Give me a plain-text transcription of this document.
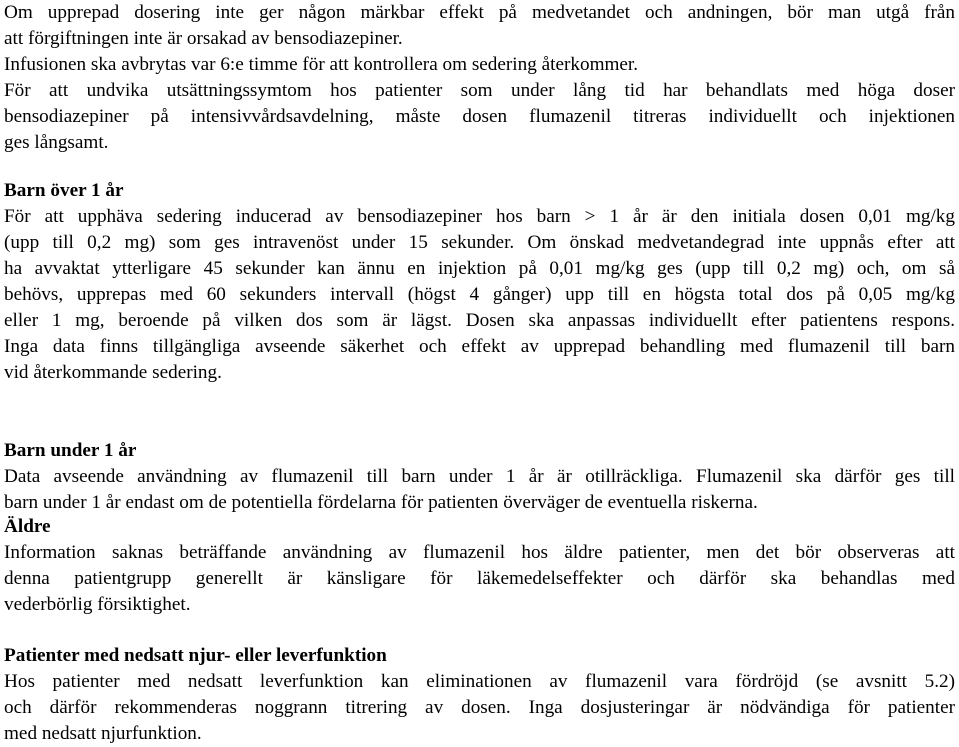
Om upprepad dosering inte ger någon märkbar effekt på medvetandet och andningen, bör man utgå från
att förgiftningen inte är orsakad av bensodiazepiner.
Infusionen ska avbrytas var 6:e timme för att kontrollera om sedering återkommer.
För att undvika utsättningssymtom hos patienter som under lång tid har behandlats med höga doser
bensodiazepiner på intensivvårdsavdelning, måste dosen flumazenil titreras individuellt och injektionen
ges långsamt.
Barn över 1 år
För att upphäva sedering inducerad av bensodiazepiner hos barn > 1 år är den initiala dosen 0,01 mg/kg
(upp till 0,2 mg) som ges intravenöst under 15 sekunder. Om önskad medvetandegrad inte uppnås efter att
ha avvaktat ytterligare 45 sekunder kan ännu en injektion på 0,01 mg/kg ges (upp till 0,2 mg) och, om så
behövs, upprepas med 60 sekunders intervall (högst 4 gånger) upp till en högsta total dos på 0,05 mg/kg
eller 1 mg, beroende på vilken dos som är lägst. Dosen ska anpassas individuellt efter patientens respons.
Inga data finns tillgängliga avseende säkerhet och effekt av upprepad behandling med flumazenil till barn
vid återkommande sedering.
Barn under 1 år
Data avseende användning av flumazenil till barn under 1 år är otillräckliga. Flumazenil ska därför ges till
barn under 1 år endast om de potentiella fördelarna för patienten överväger de eventuella riskerna.
Äldre
Information saknas beträffande användning av flumazenil hos äldre patienter, men det bör observeras att
denna patientgrupp generellt är känsligare för läkemedelseffekter och därför ska behandlas med
vederbörlig försiktighet.
Patienter med nedsatt njur- eller leverfunktion
Hos patienter med nedsatt leverfunktion kan eliminationen av flumazenil vara fördröjd (se avsnitt 5.2)
och därför rekommenderas noggrann titrering av dosen. Inga dosjusteringar är nödvändiga för patienter
med nedsatt njurfunktion.
